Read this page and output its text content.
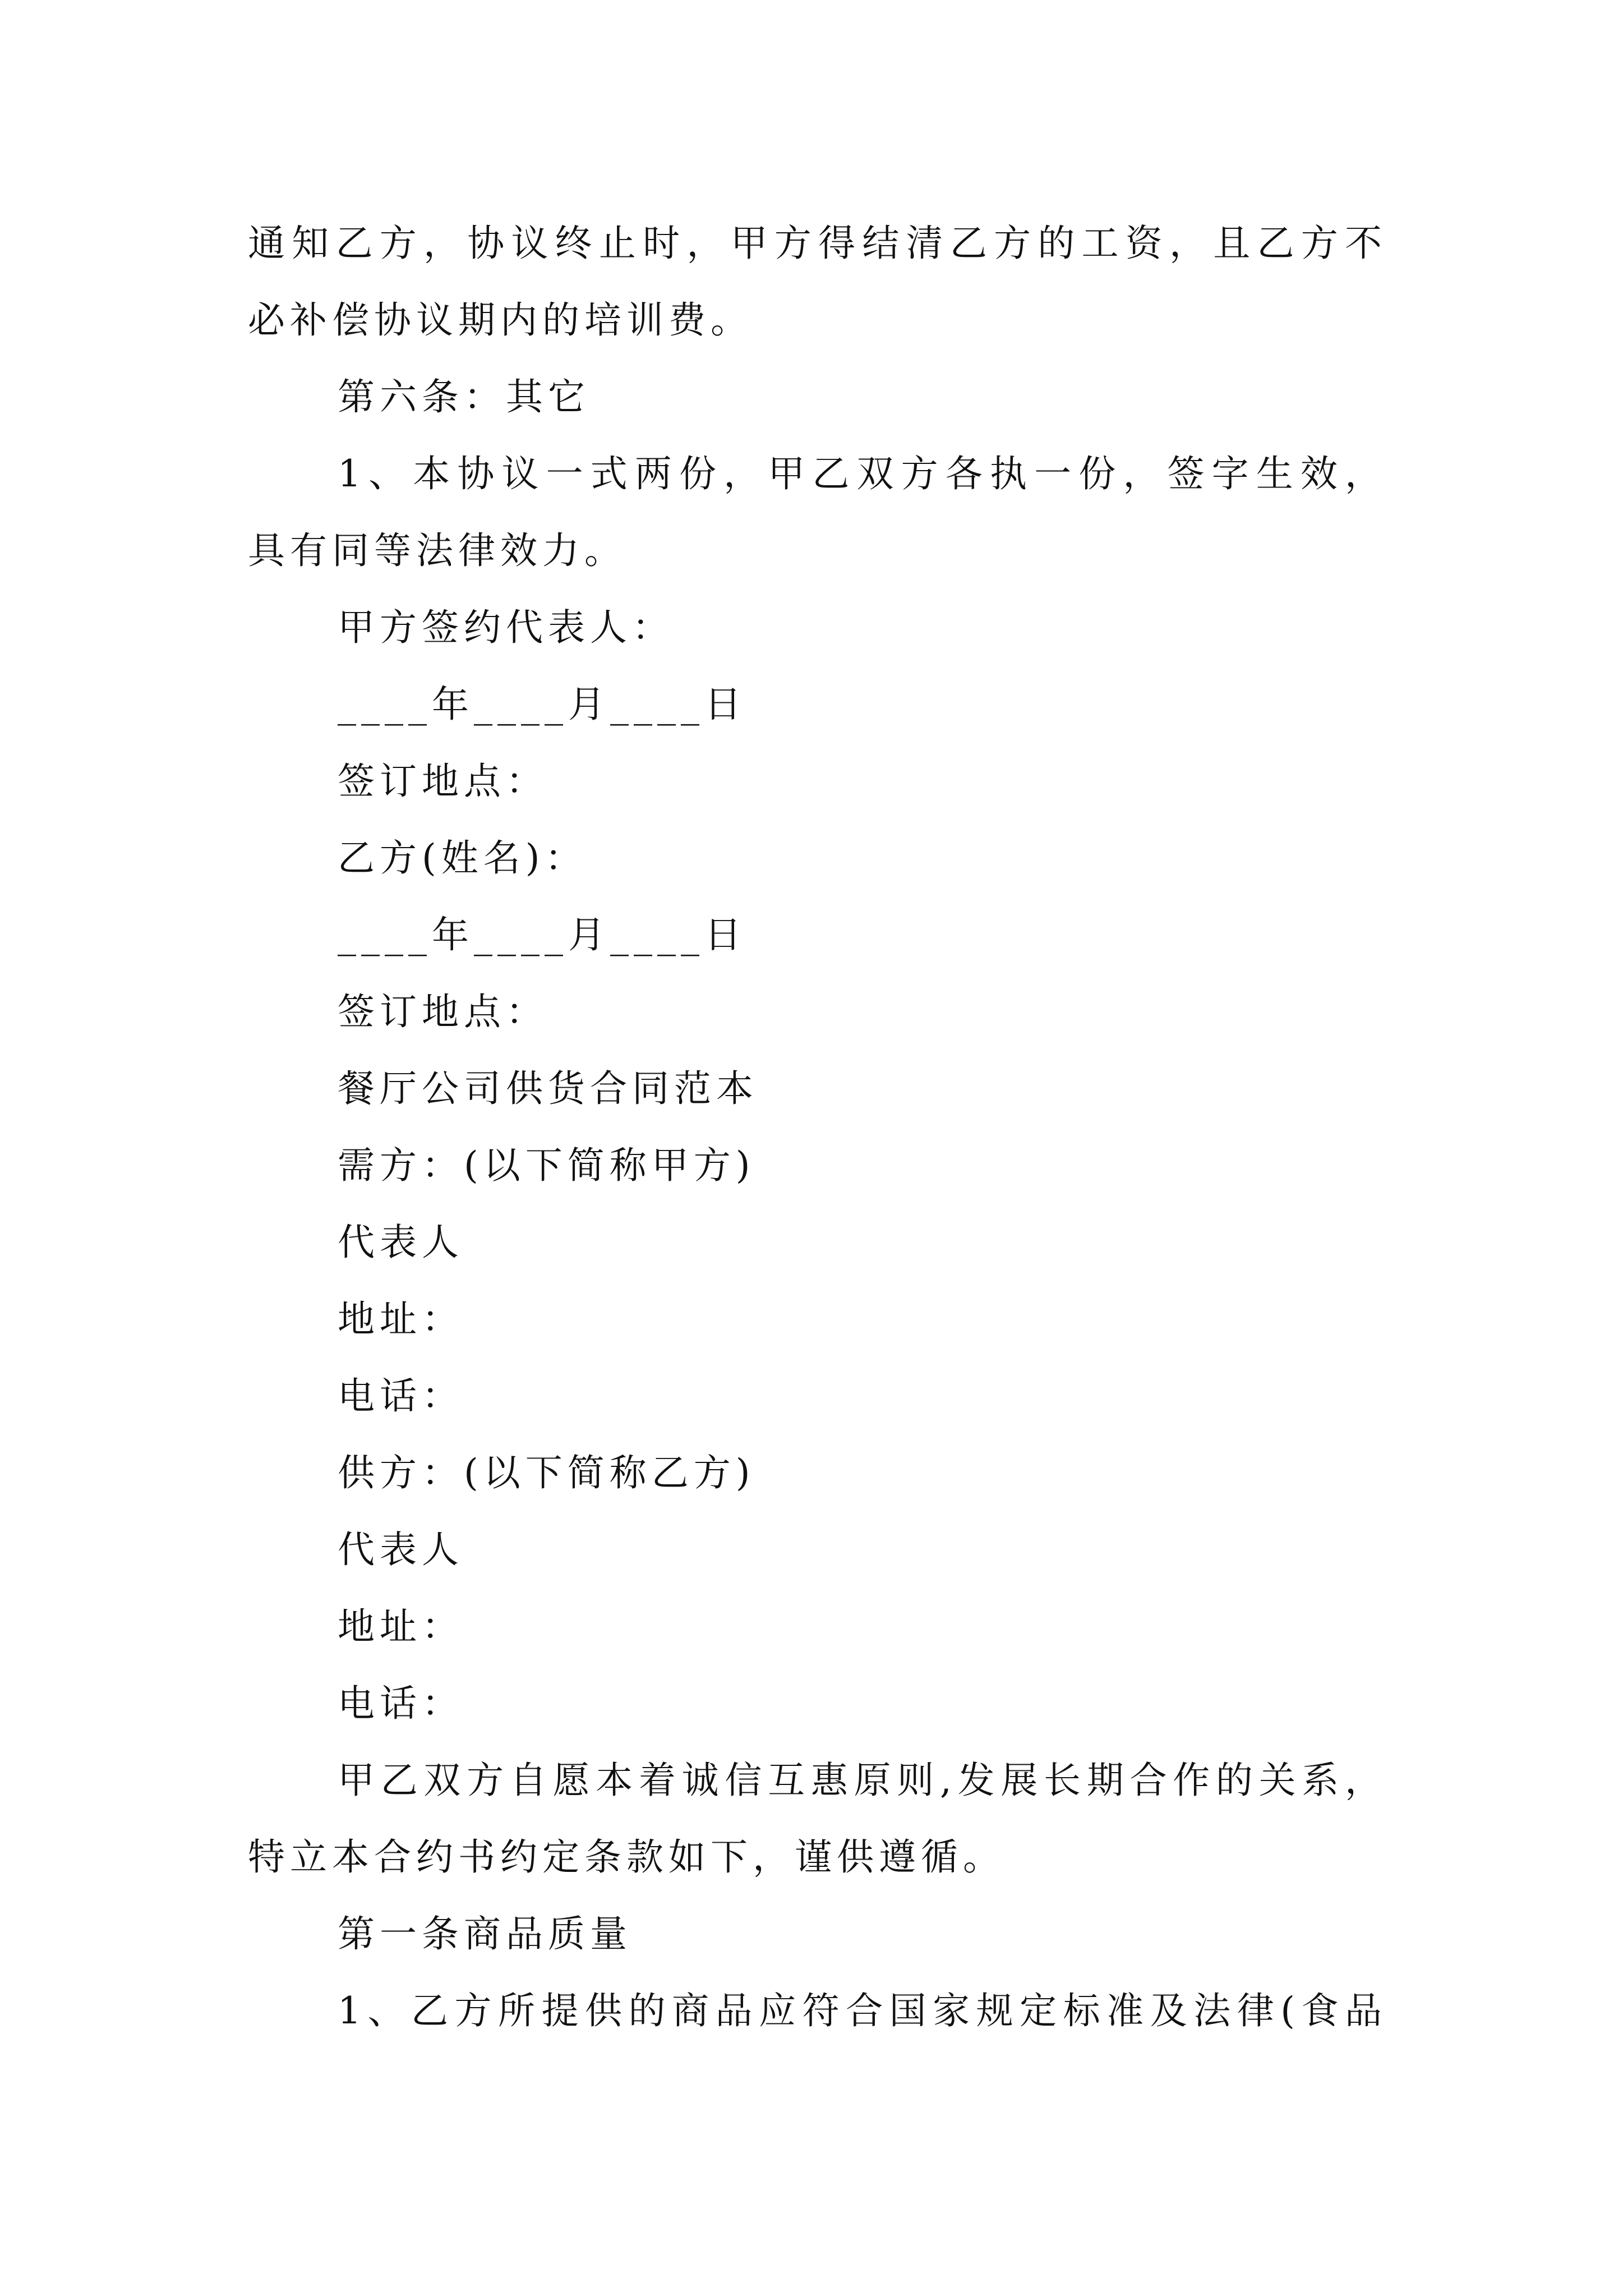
通知乙方，协议终止时，甲方得结清乙方的工资，且乙方不
必补偿协议期内的培训费。
第六条：其它
1、本协议一式两份，甲乙双方各执一份，签字生效，
具有同等法律效力。
甲方签约代表人：
____年____月____日
签订地点：
乙方(姓名)：
____年____月____日
签订地点：
餐厅公司供货合同范本
需方：(以下简称甲方)
代表人
地址：
电话：
供方：(以下简称乙方)
代表人
地址：
电话：
甲乙双方自愿本着诚信互惠原则,发展长期合作的关系，
特立本合约书约定条款如下，谨供遵循。
第一条商品质量
1、乙方所提供的商品应符合国家规定标准及法律(食品
